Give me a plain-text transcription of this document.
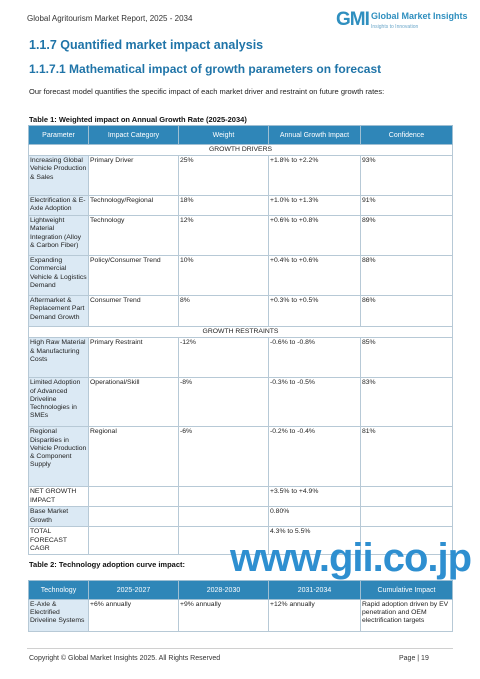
Global Agritourism Market Report, 2025 - 2034	GMI Global Market Insights
Insights to Innovation
1.1.7 Quantified market impact analysis
1.1.7.1 Mathematical impact of growth parameters on forecast
Our forecast model quantifies the specific impact of each market driver and restraint on future growth rates:
Table 1: Weighted impact on Annual Growth Rate (2025-2034)
Parameter	Impact Category	Weight	Annual Growth Impact	Confidence
GROWTH DRIVERS				
Increasing Global Vehicle Production & Sales	Primary Driver	25%	+1.8% to +2.2%	93%
Electrification & E-Axle Adoption	Technology/Regional	18%	+1.0% to +1.3%	91%
Lightweight Material Integration (Alloy & Carbon Fiber)	Technology	12%	+0.6% to +0.8%	89%
Expanding Commercial Vehicle & Logistics Demand	Policy/Consumer Trend	10%	+0.4% to +0.6%	88%
Aftermarket & Replacement Part Demand Growth	Consumer Trend	8%	+0.3% to +0.5%	86%
GROWTH RESTRAINTS				
High Raw Material & Manufacturing Costs	Primary Restraint	-12%	-0.6% to -0.8%	85%
Limited Adoption of Advanced Driveline Technologies in SMEs	Operational/Skill	-8%	-0.3% to -0.5%	83%
Regional Disparities in Vehicle Production & Component Supply	Regional	-6%	-0.2% to -0.4%	81%
NET GROWTH IMPACT			+3.5% to +4.9%	
Base Market Growth			0.80%	
TOTAL FORECAST CAGR			4.3% to 5.5%	
Table 2: Technology adoption curve impact:
Technology	2025-2027	2028-2030	2031-2034	Cumulative Impact
E-Axle & Electrified Driveline Systems	+6% annually	+9% annually	+12% annually	Rapid adoption driven by EV penetration and OEM electrification targets
www.gii.co.jp
Copyright © Global Market Insights 2025. All Rights Reserved	Page | 19
